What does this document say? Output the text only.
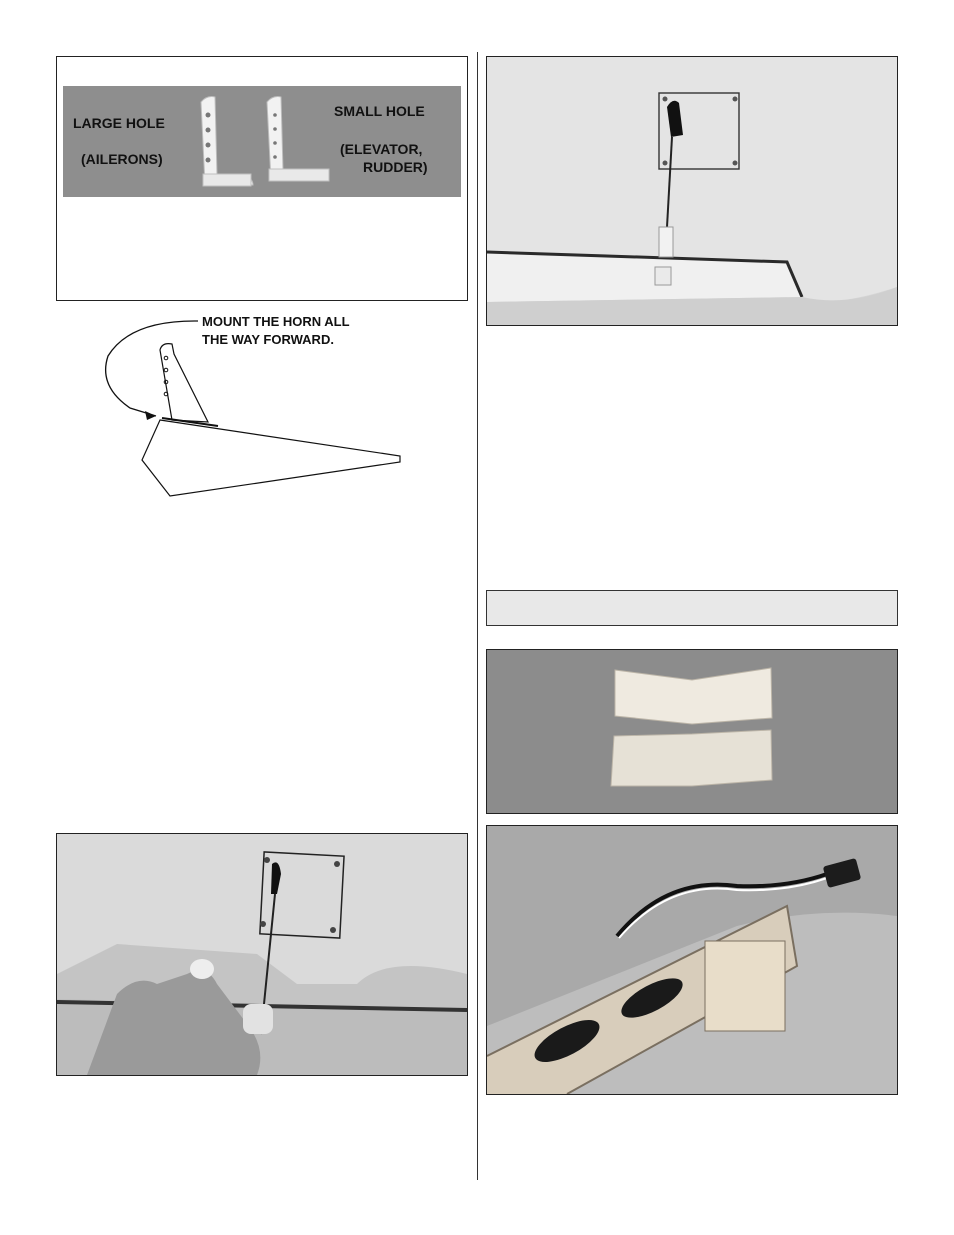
LARGE HOLE
(AILERONS)
SMALL HOLE
(ELEVATOR,
RUDDER)
MOUNT THE HORN ALL
THE WAY FORWARD.
